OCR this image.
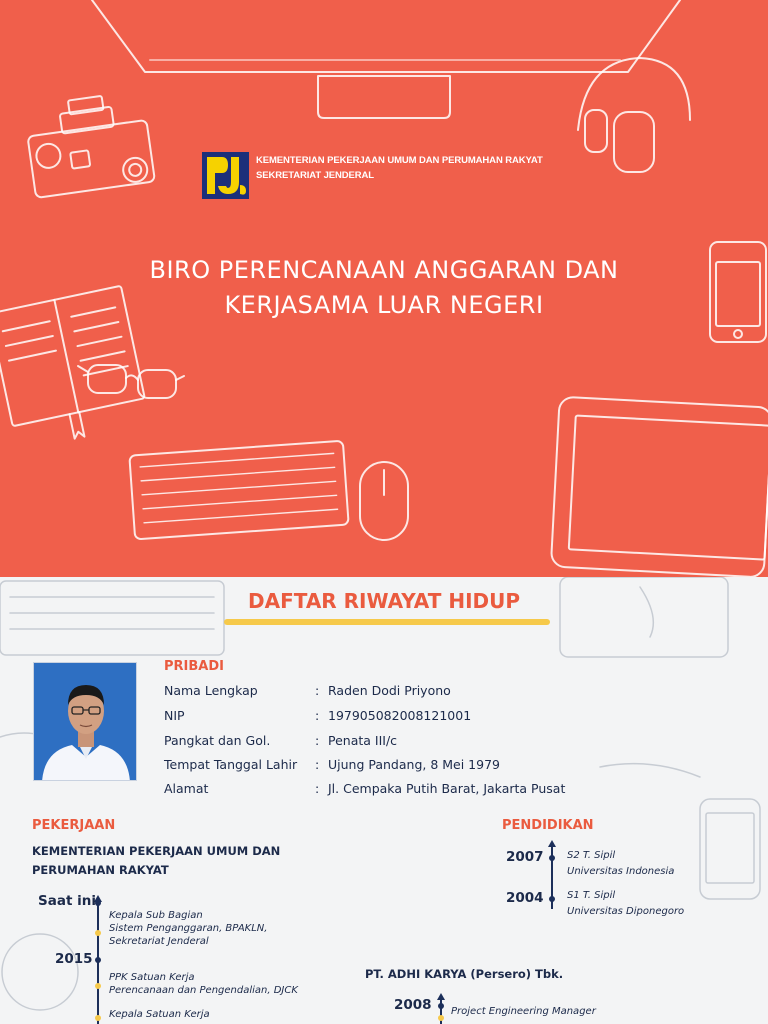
KEMENTERIAN PEKERJAAN UMUM DAN PERUMAHAN RAKYAT
SEKRETARIAT JENDERAL
BIRO PERENCANAAN ANGGARAN DAN
KERJASAMA LUAR NEGERI
DAFTAR RIWAYAT HIDUP
PRIBADI
Nama Lengkap	: Raden Dodi Priyono
NIP	: 197905082008121001
Pangkat dan Gol.	: Penata III/c
Tempat Tanggal Lahir : Ujung Pandang, 8 Mei 1979
Alamat	: Jl. Cempaka Putih Barat, Jakarta Pusat
PEKERJAAN
KEMENTERIAN PEKERJAAN UMUM DAN
PERUMAHAN RAKYAT
Saat ini
Kepala Sub Bagian
Sistem Penganggaran, BPAKLN,
Sekretariat Jenderal
2015
PPK Satuan Kerja
Perencanaan dan Pengendalian, DJCK
Kepala Satuan Kerja
PT. ADHI KARYA (Persero) Tbk.
2008 Project Engineering Manager
PENDIDIKAN
2007 S2 T. Sipil
Universitas Indonesia
2004 S1 T. Sipil
Universitas Diponegoro
